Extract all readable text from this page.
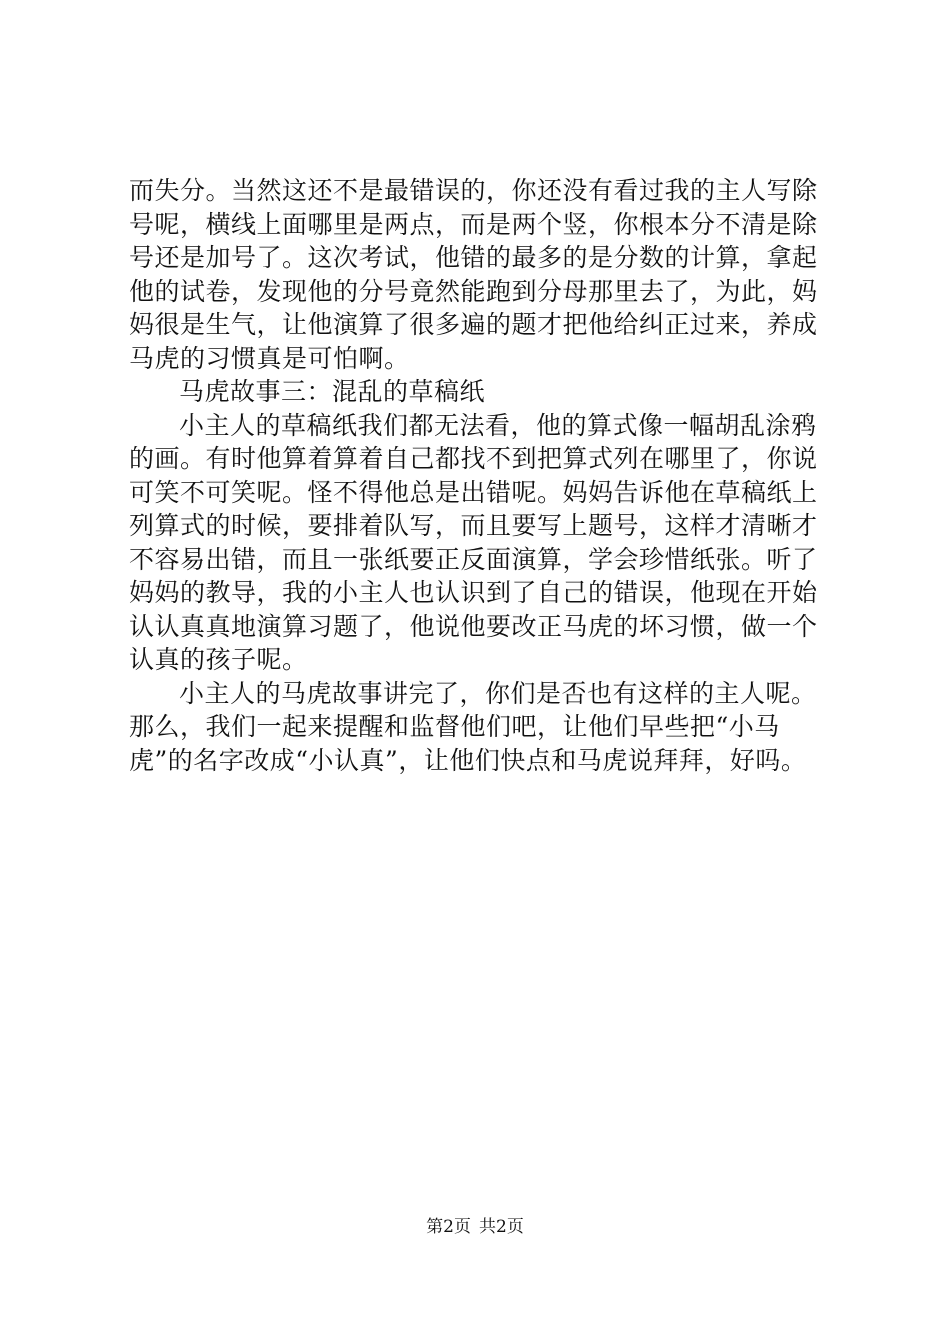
而失分。当然这还不是最错误的，你还没有看过我的主人写除
号呢，横线上面哪里是两点，而是两个竖，你根本分不清是除
号还是加号了。这次考试，他错的最多的是分数的计算，拿起
他的试卷，发现他的分号竟然能跑到分母那里去了，为此，妈
妈很是生气，让他演算了很多遍的题才把他给纠正过来，养成
马虎的习惯真是可怕啊。
马虎故事三：混乱的草稿纸
小主人的草稿纸我们都无法看，他的算式像一幅胡乱涂鸦
的画。有时他算着算着自己都找不到把算式列在哪里了，你说
可笑不可笑呢。怪不得他总是出错呢。妈妈告诉他在草稿纸上
列算式的时候，要排着队写，而且要写上题号，这样才清晰才
不容易出错，而且一张纸要正反面演算，学会珍惜纸张。听了
妈妈的教导，我的小主人也认识到了自己的错误，他现在开始
认认真真地演算习题了，他说他要改正马虎的坏习惯，做一个
认真的孩子呢。
小主人的马虎故事讲完了，你们是否也有这样的主人呢。
那么，我们一起来提醒和监督他们吧，让他们早些把“小马
虎”的名字改成“小认真”，让他们快点和马虎说拜拜，好吗。
第2页 共2页
